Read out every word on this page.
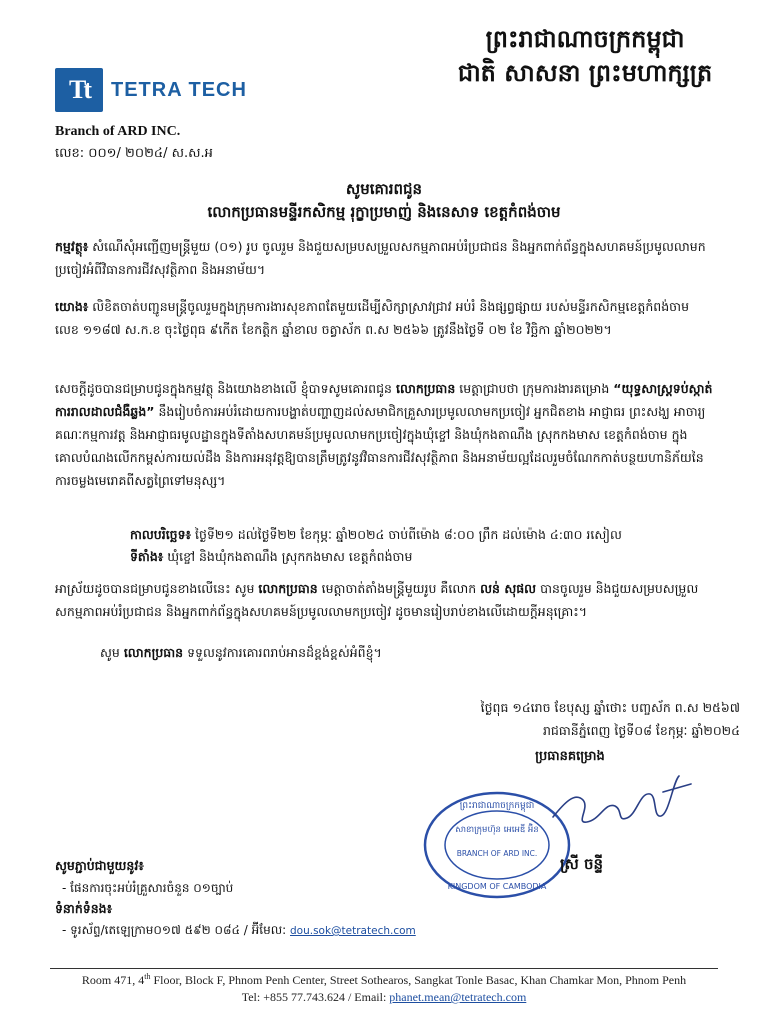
ព្រះរាជាណាចក្រកម្ពុជា
ជាតិ សាសនា ព្រះមហាក្សត្រ
Tt	TETRA TECH
Branch of ARD INC.
លេខ: ០០១/ ២០២៤/ ស.ស.អ
សូមគោរពជូន
លោកប្រធានមន្ទីរកសិកម្ម រុក្ខាប្រមាញ់ និងនេសាទ ខេត្តកំពង់ចាម
កម្មវត្ថុ៖ សំណើសុំអញ្ជើញមន្ត្រីមួយ (០១) រូប ចូលរួម និងជួយសម្របសម្រួលសកម្មភាពអប់រំប្រជាជន និងអ្នកពាក់ព័ន្ធក្នុងសហគមន៍ប្រមូលលាមកប្រចៀវអំពីវិធានការជីវសុវត្ថិភាព និងអនាម័យ។
យោង៖ លិខិតចាត់បញ្ជូនមន្ត្រីចូលរួមក្នុងក្រុមការងារសុខភាពតែមួយដើម្បីសិក្សាស្រាវជ្រាវ អប់រំ និងផ្សព្វផ្សាយ របស់មន្ទីរកសិកម្មខេត្តកំពង់ចាម លេខ ១១៨៧ ស.ក.ខ ចុះថ្ងៃពុធ ៩កើត ខែកត្តិក ឆ្នាំខាល ចត្វាស័ក ព.ស ២៥៦៦ ត្រូវនឹងថ្ងៃទី ០២ ខែ វិច្ឆិកា ឆ្នាំ២០២២។
សេចក្តីដូចបានជម្រាបជូនក្នុងកម្មវត្ថុ និងយោងខាងលើ ខ្ញុំបាទសូមគោរពជូន លោកប្រធាន មេត្តាជ្រាបថា ក្រុមការងារគម្រោង “យុទ្ធសាស្ត្រទប់ស្កាត់ការរាលដាលជំងឺឆ្លង” នឹងរៀបចំការអប់រំដោយការបង្ហាត់បញ្ហាញដល់សមាជិកគ្រួសារប្រមូលលាមកប្រចៀវ អ្នកជិតខាង អាជ្ញាធរ ព្រះសង្ឃ អាចារ្យគណៈកម្មការវត្ត និងអាជ្ញាធរមូលដ្ឋានក្នុងទីតាំងសហគមន៍ប្រមូលលាមកប្រចៀវក្នុងឃុំខ្ចៅ និងឃុំកងតាណឹង ស្រុកកងមាស ខេត្តកំពង់ចាម ក្នុងគោលបំណងលើកកម្ពស់ការយល់ដឹង និងការអនុវត្តឱ្យបានត្រឹមត្រូវនូវវិធានការជីវសុវត្ថិភាព និងអនាម័យល្អដែលរួមចំណែកកាត់បន្ថយហានិភ័យនៃការចម្លងមេរោគពីសត្វព្រៃទៅមនុស្ស។
កាលបរិច្ឆេទ៖ ថ្ងៃទី២១ ដល់ថ្ងៃទី២២ ខែកុម្ភៈ ឆ្នាំ២០២៤ ចាប់ពីម៉ោង ៨:០០ ព្រឹក ដល់ម៉ោង ៤:៣០ រសៀល
ទីតាំង៖ ឃុំខ្ចៅ និងឃុំកងតាណឹង ស្រុកកងមាស ខេត្តកំពង់ចាម
អាស្រ័យដូចបានជម្រាបជូនខាងលើនេះ សូម លោកប្រធាន មេត្តាចាត់តាំងមន្ត្រីមួយរូប គឺលោក លន់ សុផល បានចូលរួម និងជួយសម្របសម្រួលសកម្មភាពអប់រំប្រជាជន និងអ្នកពាក់ព័ន្ធក្នុងសហគមន៍ប្រមូលលាមកប្រចៀវ ដូចមានរៀបរាប់ខាងលើដោយក្តីអនុគ្រោះ។
សូម លោកប្រធាន ទទួលនូវការគោរពរាប់អានដ៏ខ្ពង់ខ្ពស់អំពីខ្ញុំ។
ថ្ងៃពុធ ១៤រោច ខែបុស្ស ឆ្នាំថោះ បញ្ចស័ក ព.ស ២៥៦៧
រាជធានីភ្នំពេញ ថ្ងៃទី០៨ ខែកុម្ភៈ ឆ្នាំ២០២៤
ប្រធានគម្រោង
ព្រះរាជាណាចក្រកម្ពុជា
សាខាក្រុមហ៊ុន អេអេឌី អ៊ិន
BRANCH OF ARD INC.
KINGDOM OF CAMBODIA
ស្រី ចន្ទី
សូមភ្ជាប់ជាមួយនូវ៖
- ផែនការចុះអប់រំគ្រួសារចំនួន ០១ច្បាប់
ទំនាក់ទំនង៖
- ទូរស័ព្ទ/តេឡេក្រាម០១៧ ៥៩២ ០៨៤ / អ៊ីមែល: dou.sok@tetratech.com
Room 471, 4th Floor, Block F, Phnom Penh Center, Street Sothearos, Sangkat Tonle Basac, Khan Chamkar Mon, Phnom Penh
Tel: +855 77.743.624 / Email: phanet.mean@tetratech.com
